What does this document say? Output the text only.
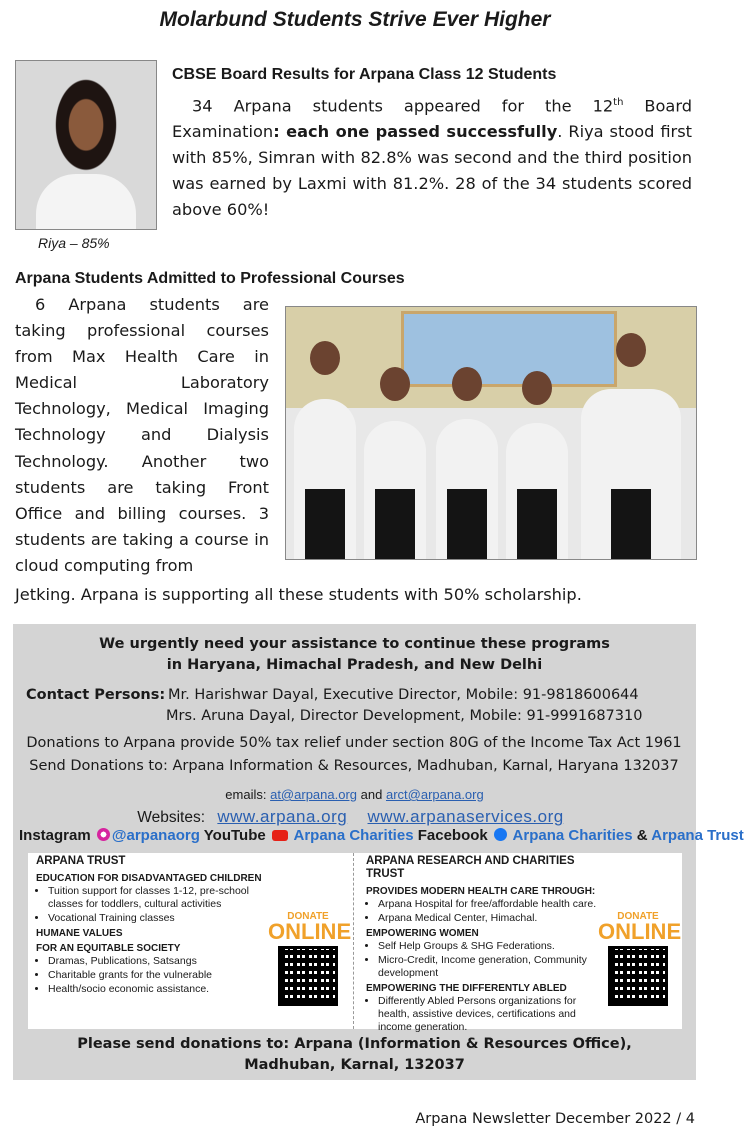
Molarbund Students Strive Ever Higher
Riya – 85%
CBSE Board Results for Arpana Class 12 Students
34 Arpana students appeared for the 12th Board Examination: each one passed successfully. Riya stood first with 85%, Simran with 82.8% was second and the third position was earned by Laxmi with 81.2%. 28 of the 34 students scored above 60%!
Arpana Students Admitted to Professional Courses
6 Arpana students are taking professional courses from Max Health Care in Medical Laboratory Technology, Medical Imaging Technology and Dialysis Technology. Another two students are taking Front Office and billing courses. 3 students are taking a course in cloud computing from
Jetking. Arpana is supporting all these students with 50% scholarship.
We urgently need your assistance to continue these programs
in Haryana, Himachal Pradesh, and New Delhi
Contact Persons: Mr. Harishwar Dayal, Executive Director, Mobile: 91-9818600644
Mrs. Aruna Dayal, Director Development, Mobile: 91-9991687310
Donations to Arpana provide 50% tax relief under section 80G of the Income Tax Act 1961
Send Donations to: Arpana Information & Resources, Madhuban, Karnal, Haryana 132037
emails: at@arpana.org and arct@arpana.org
Websites: www.arpana.org www.arpanaservices.org
Instagram @arpanaorg YouTube Arpana Charities Facebook Arpana Charities & Arpana Trust
ARPANA TRUST
EDUCATION FOR DISADVANTAGED CHILDREN
• Tuition support for classes 1-12, pre-school classes for toddlers, cultural activities
• Vocational Training classes
HUMANE VALUES
FOR AN EQUITABLE SOCIETY
• Dramas, Publications, Satsangs
• Charitable grants for the vulnerable
• Health/socio economic assistance.
DONATE
ONLINE
ARPANA RESEARCH AND CHARITIES TRUST
PROVIDES MODERN HEALTH CARE THROUGH:
• Arpana Hospital for free/affordable health care.
• Arpana Medical Center, Himachal.
EMPOWERING WOMEN
• Self Help Groups & SHG Federations.
• Micro-Credit, Income generation, Community development
EMPOWERING THE DIFFERENTLY ABLED
• Differently Abled Persons organizations for health, assistive devices, certifications and income generation.
DONATE
ONLINE
Please send donations to: Arpana (Information & Resources Office),
Madhuban, Karnal, 132037
Arpana Newsletter December 2022 / 4
